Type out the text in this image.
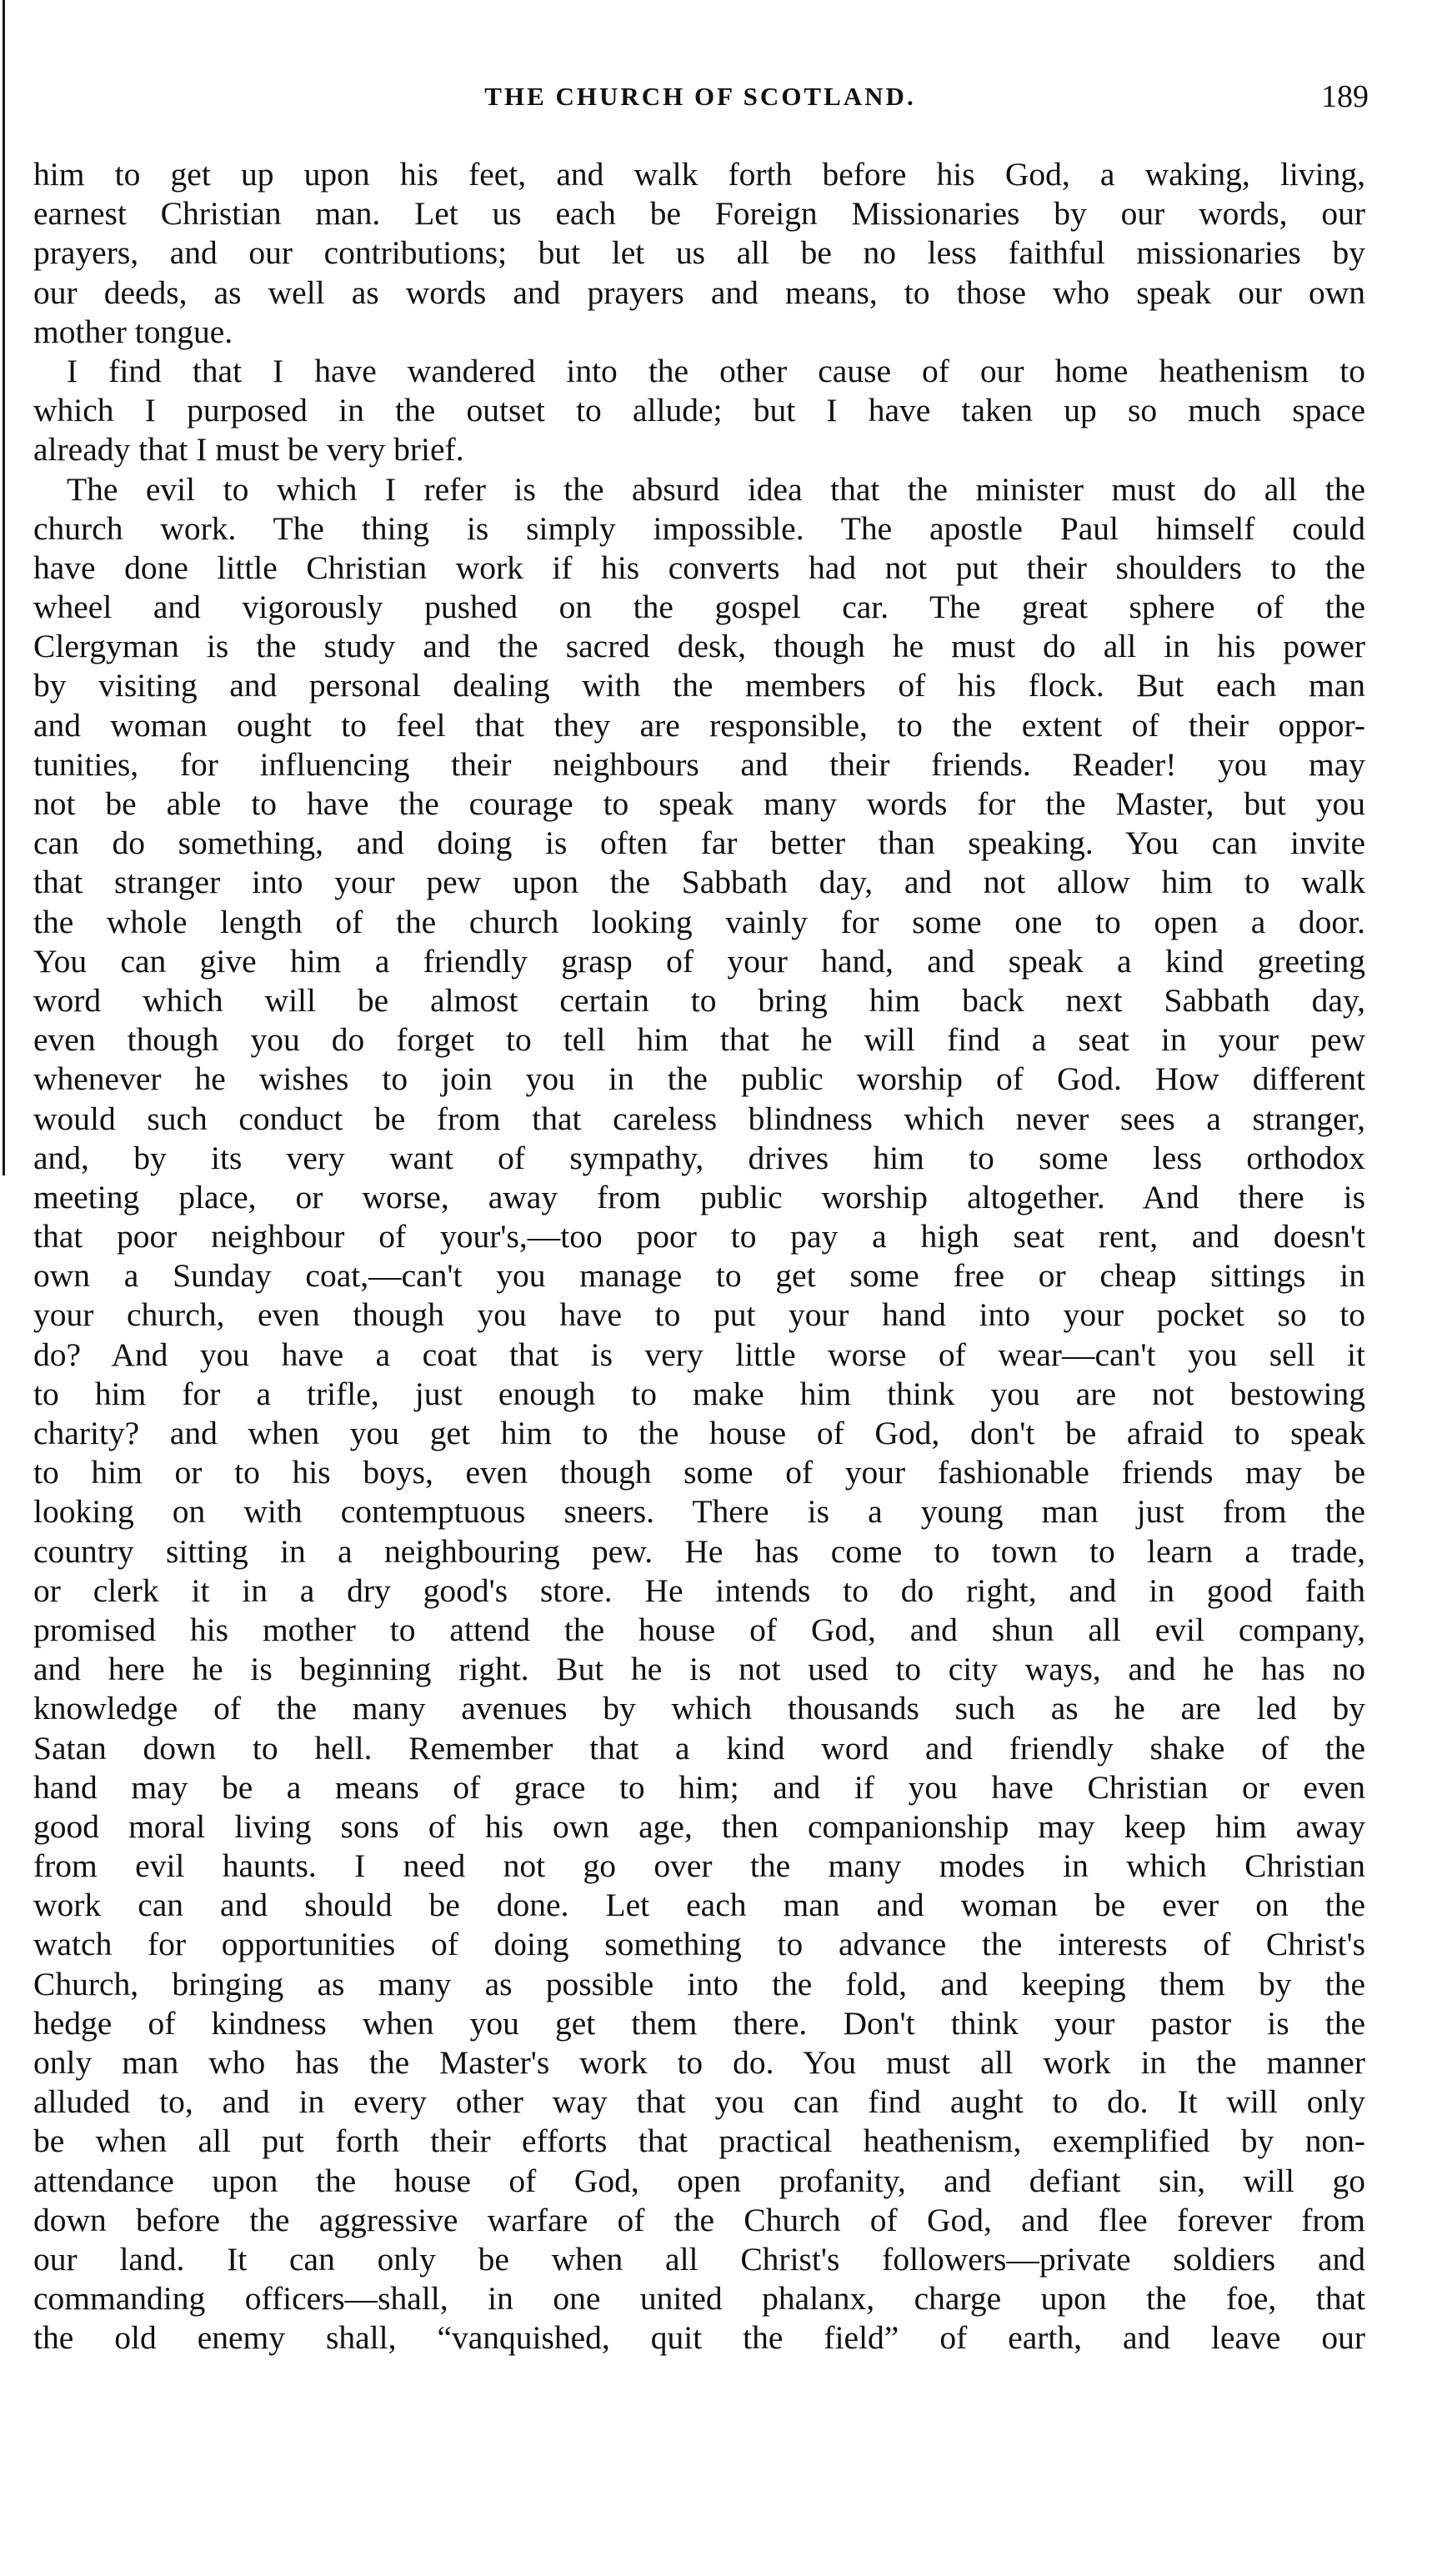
THE CHURCH OF SCOTLAND.	189
him to get up upon his feet, and walk forth before his God, a waking, living,
earnest Christian man. Let us each be Foreign Missionaries by our words, our
prayers, and our contributions; but let us all be no less faithful missionaries by
our deeds, as well as words and prayers and means, to those who speak our own
mother tongue.
I find that I have wandered into the other cause of our home heathenism to
which I purposed in the outset to allude; but I have taken up so much space
already that I must be very brief.
The evil to which I refer is the absurd idea that the minister must do all the
church work. The thing is simply impossible. The apostle Paul himself could
have done little Christian work if his converts had not put their shoulders to the
wheel and vigorously pushed on the gospel car. The great sphere of the
Clergyman is the study and the sacred desk, though he must do all in his power
by visiting and personal dealing with the members of his flock. But each man
and woman ought to feel that they are responsible, to the extent of their oppor-
tunities, for influencing their neighbours and their friends. Reader! you may
not be able to have the courage to speak many words for the Master, but you
can do something, and doing is often far better than speaking. You can invite
that stranger into your pew upon the Sabbath day, and not allow him to walk
the whole length of the church looking vainly for some one to open a door.
You can give him a friendly grasp of your hand, and speak a kind greeting
word which will be almost certain to bring him back next Sabbath day,
even though you do forget to tell him that he will find a seat in your pew
whenever he wishes to join you in the public worship of God. How different
would such conduct be from that careless blindness which never sees a stranger,
and, by its very want of sympathy, drives him to some less orthodox
meeting place, or worse, away from public worship altogether. And there is
that poor neighbour of your's,—too poor to pay a high seat rent, and doesn't
own a Sunday coat,—can't you manage to get some free or cheap sittings in
your church, even though you have to put your hand into your pocket so to
do? And you have a coat that is very little worse of wear—can't you sell it
to him for a trifle, just enough to make him think you are not bestowing
charity? and when you get him to the house of God, don't be afraid to speak
to him or to his boys, even though some of your fashionable friends may be
looking on with contemptuous sneers. There is a young man just from the
country sitting in a neighbouring pew. He has come to town to learn a trade,
or clerk it in a dry good's store. He intends to do right, and in good faith
promised his mother to attend the house of God, and shun all evil company,
and here he is beginning right. But he is not used to city ways, and he has no
knowledge of the many avenues by which thousands such as he are led by
Satan down to hell. Remember that a kind word and friendly shake of the
hand may be a means of grace to him; and if you have Christian or even
good moral living sons of his own age, then companionship may keep him away
from evil haunts. I need not go over the many modes in which Christian
work can and should be done. Let each man and woman be ever on the
watch for opportunities of doing something to advance the interests of Christ's
Church, bringing as many as possible into the fold, and keeping them by the
hedge of kindness when you get them there. Don't think your pastor is the
only man who has the Master's work to do. You must all work in the manner
alluded to, and in every other way that you can find aught to do. It will only
be when all put forth their efforts that practical heathenism, exemplified by non-
attendance upon the house of God, open profanity, and defiant sin, will go
down before the aggressive warfare of the Church of God, and flee forever from
our land. It can only be when all Christ's followers—private soldiers and
commanding officers—shall, in one united phalanx, charge upon the foe, that
the old enemy shall, “vanquished, quit the field” of earth, and leave our
